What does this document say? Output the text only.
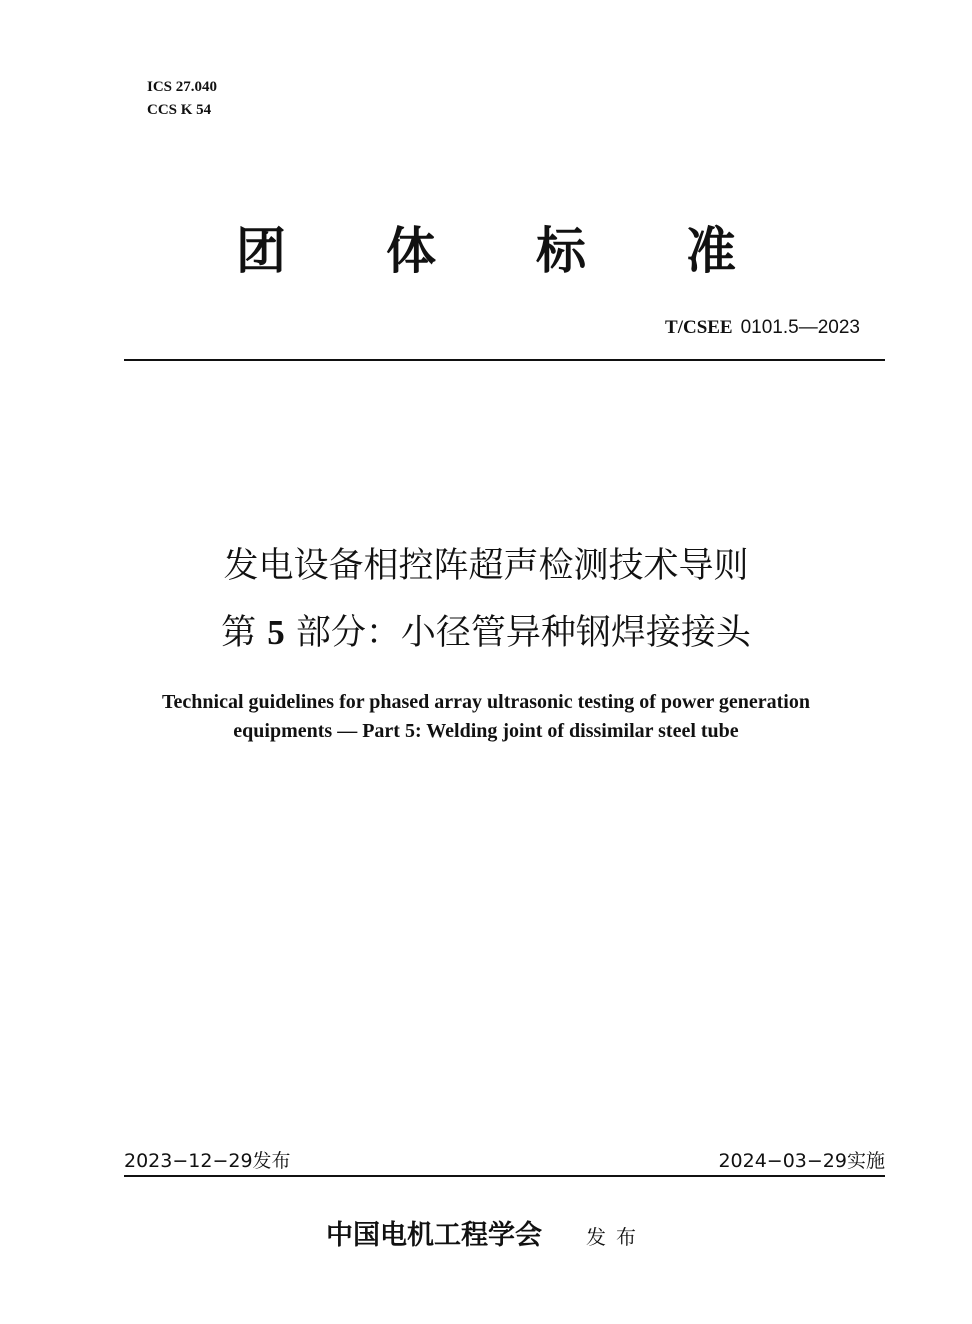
ICS 27.040
CCS K 54
团 体 标 准
T/CSEE 0101.5—2023
发电设备相控阵超声检测技术导则
第 5 部分：小径管异种钢焊接接头
Technical guidelines for phased array ultrasonic testing of power generation
equipments — Part 5: Welding joint of dissimilar steel tube
2023−12−29发布	2024−03−29实施
中国电机工程学会 发布
